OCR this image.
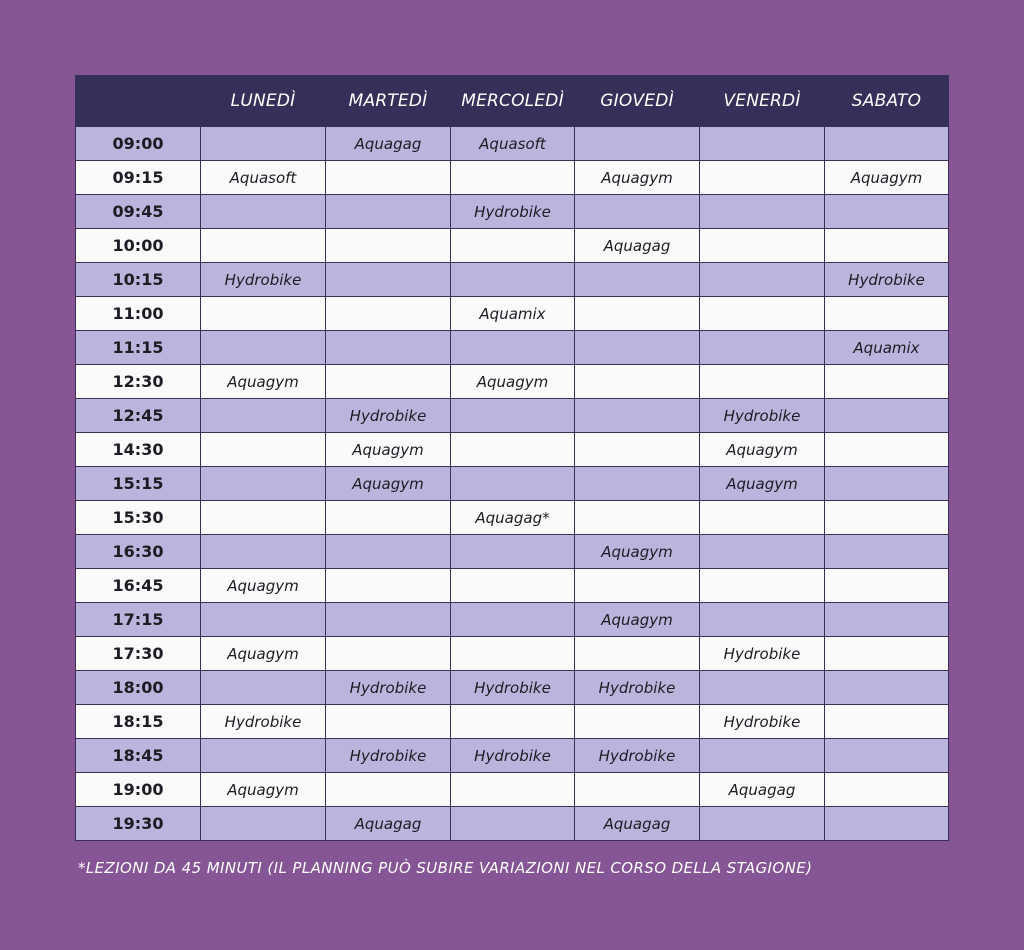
	LUNEDÌ	MARTEDÌ	MERCOLEDÌ	GIOVEDÌ	VENERDÌ	SABATO
09:00		Aquagag	Aquasoft			
09:15	Aquasoft			Aquagym		Aquagym
09:45			Hydrobike			
10:00				Aquagag		
10:15	Hydrobike					Hydrobike
11:00			Aquamix			
11:15						Aquamix
12:30	Aquagym		Aquagym			
12:45		Hydrobike			Hydrobike	
14:30		Aquagym			Aquagym	
15:15		Aquagym			Aquagym	
15:30			Aquagag*			
16:30				Aquagym		
16:45	Aquagym					
17:15				Aquagym		
17:30	Aquagym				Hydrobike	
18:00		Hydrobike	Hydrobike	Hydrobike		
18:15	Hydrobike				Hydrobike	
18:45		Hydrobike	Hydrobike	Hydrobike		
19:00	Aquagym				Aquagag	
19:30		Aquagag		Aquagag		
*LEZIONI DA 45 MINUTI (IL PLANNING PUÒ SUBIRE VARIAZIONI NEL CORSO DELLA STAGIONE)
